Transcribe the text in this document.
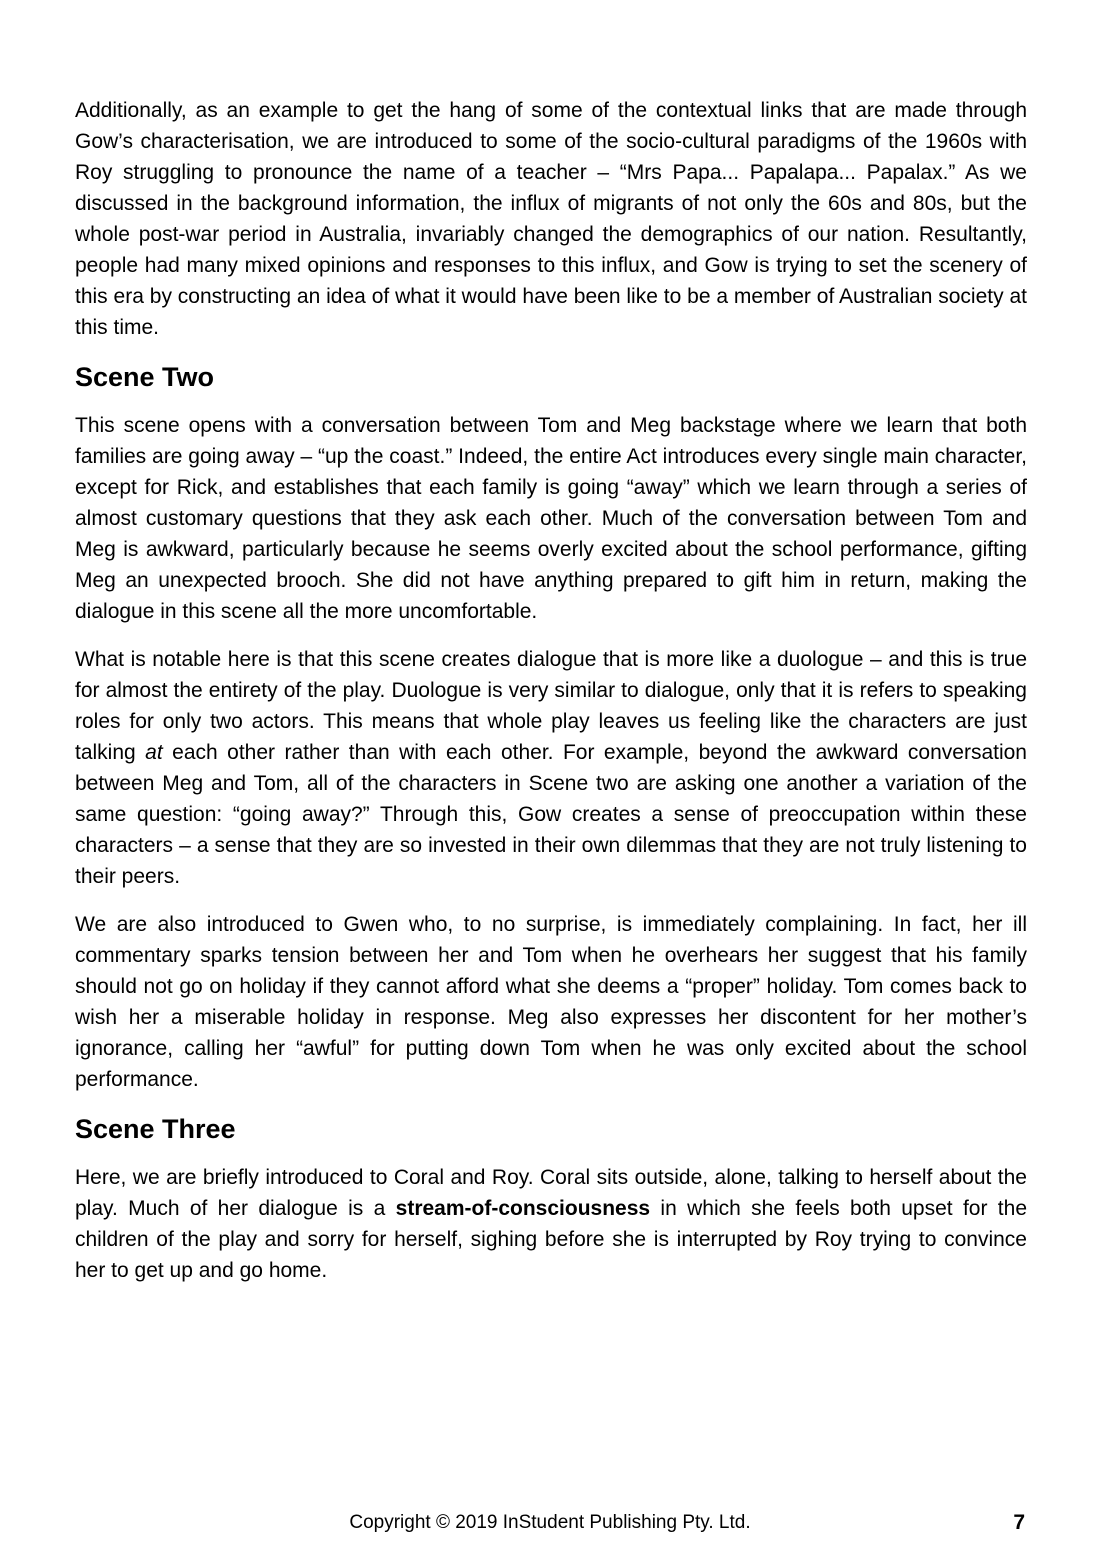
Additionally, as an example to get the hang of some of the contextual links that are made through Gow’s characterisation, we are introduced to some of the socio-cultural paradigms of the 1960s with Roy struggling to pronounce the name of a teacher – “Mrs Papa... Papalapa... Papalax.” As we discussed in the background information, the influx of migrants of not only the 60s and 80s, but the whole post-war period in Australia, invariably changed the demographics of our nation. Resultantly, people had many mixed opinions and responses to this influx, and Gow is trying to set the scenery of this era by constructing an idea of what it would have been like to be a member of Australian society at this time.

Scene Two

This scene opens with a conversation between Tom and Meg backstage where we learn that both families are going away – “up the coast.” Indeed, the entire Act introduces every single main character, except for Rick, and establishes that each family is going “away” which we learn through a series of almost customary questions that they ask each other. Much of the conversation between Tom and Meg is awkward, particularly because he seems overly excited about the school performance, gifting Meg an unexpected brooch. She did not have anything prepared to gift him in return, making the dialogue in this scene all the more uncomfortable.

What is notable here is that this scene creates dialogue that is more like a duologue – and this is true for almost the entirety of the play. Duologue is very similar to dialogue, only that it is refers to speaking roles for only two actors. This means that whole play leaves us feeling like the characters are just talking at each other rather than with each other. For example, beyond the awkward conversation between Meg and Tom, all of the characters in Scene two are asking one another a variation of the same question: “going away?” Through this, Gow creates a sense of preoccupation within these characters – a sense that they are so invested in their own dilemmas that they are not truly listening to their peers.

We are also introduced to Gwen who, to no surprise, is immediately complaining. In fact, her ill commentary sparks tension between her and Tom when he overhears her suggest that his family should not go on holiday if they cannot afford what she deems a “proper” holiday. Tom comes back to wish her a miserable holiday in response. Meg also expresses her discontent for her mother’s ignorance, calling her “awful” for putting down Tom when he was only excited about the school performance.

Scene Three

Here, we are briefly introduced to Coral and Roy. Coral sits outside, alone, talking to herself about the play. Much of her dialogue is a stream-of-consciousness in which she feels both upset for the children of the play and sorry for herself, sighing before she is interrupted by Roy trying to convince her to get up and go home.

Copyright © 2019 InStudent Publishing Pty. Ltd.	7
